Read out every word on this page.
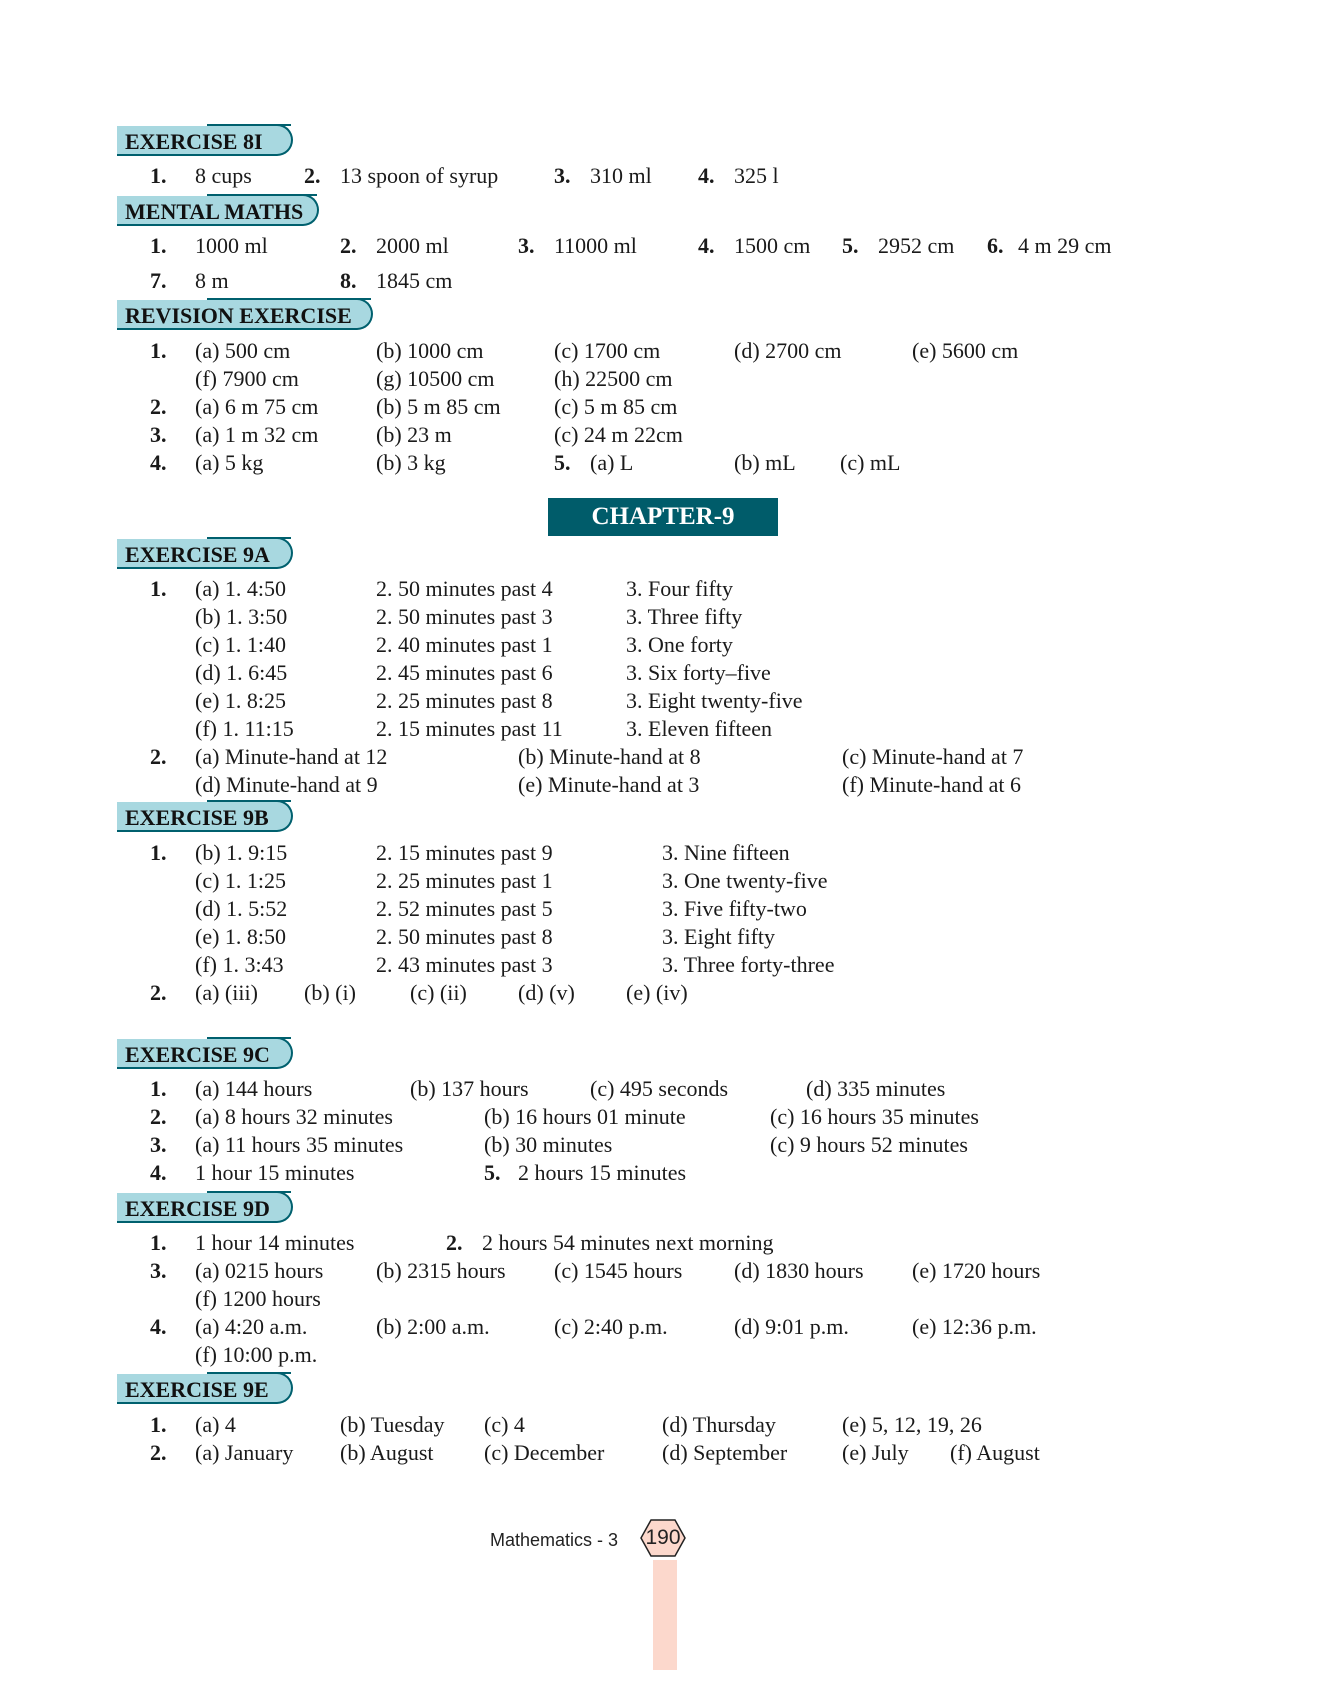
EXERCISE 8I
1. 8 cups 2. 13 spoon of syrup	3. 310 ml 4. 325 l
MENTAL MATHS
1. 1000 ml	2. 2000 ml	3. 11000 ml	4. 1500 cm 5. 2952 cm 6. 4 m 29 cm
7. 8 m	8. 1845 cm
REVISION EXERCISE
1. (a) 500 cm	(b) 1000 cm	(c) 1700 cm	(d) 2700 cm	(e) 5600 cm
(f) 7900 cm	(g) 10500 cm	(h) 22500 cm
2. (a) 6 m 75 cm	(b) 5 m 85 cm (c) 5 m 85 cm
3. (a) 1 m 32 cm	(b) 23 m	(c) 24 m 22cm
4. (a) 5 kg	(b) 3 kg	5. (a) L	(b) mL (c) mL
CHAPTER-9
EXERCISE 9A
1. (a) 1. 4:50	2. 50 minutes past 4	3. Four fifty
(b) 1. 3:50	2. 50 minutes past 3	3. Three fifty
(c) 1. 1:40	2. 40 minutes past 1	3. One forty
(d) 1. 6:45	2. 45 minutes past 6	3. Six forty–five
(e) 1. 8:25	2. 25 minutes past 8	3. Eight twenty-five
(f) 1. 11:15	2. 15 minutes past 11	3. Eleven fifteen
2. (a) Minute-hand at 12	(b) Minute-hand at 8	(c) Minute-hand at 7
(d) Minute-hand at 9	(e) Minute-hand at 3	(f) Minute-hand at 6
EXERCISE 9B
1. (b) 1. 9:15	2. 15 minutes past 9	3. Nine fifteen
(c) 1. 1:25	2. 25 minutes past 1	3. One twenty-five
(d) 1. 5:52	2. 52 minutes past 5	3. Five fifty-two
(e) 1. 8:50	2. 50 minutes past 8	3. Eight fifty
(f) 1. 3:43	2. 43 minutes past 3	3. Three forty-three
2. (a) (iii) (b) (i) (c) (ii) (d) (v) (e) (iv)
EXERCISE 9C
1. (a) 144 hours	(b) 137 hours	(c) 495 seconds	(d) 335 minutes
2. (a) 8 hours 32 minutes	(b) 16 hours 01 minute	(c) 16 hours 35 minutes
3. (a) 11 hours 35 minutes	(b) 30 minutes	(c) 9 hours 52 minutes
4. 1 hour 15 minutes	5. 2 hours 15 minutes
EXERCISE 9D
1. 1 hour 14 minutes	2. 2 hours 54 minutes next morning
3. (a) 0215 hours (b) 2315 hours (c) 1545 hours (d) 1830 hours (e) 1720 hours
(f) 1200 hours
4. (a) 4:20 a.m.	(b) 2:00 a.m.	(c) 2:40 p.m.	(d) 9:01 p.m.	(e) 12:36 p.m.
(f) 10:00 p.m.
EXERCISE 9E
1. (a) 4	(b) Tuesday (c) 4	(d) Thursday	(e) 5, 12, 19, 26
2. (a) January (b) August (c) December	(d) September (e) July (f) August
Mathematics - 3 190
